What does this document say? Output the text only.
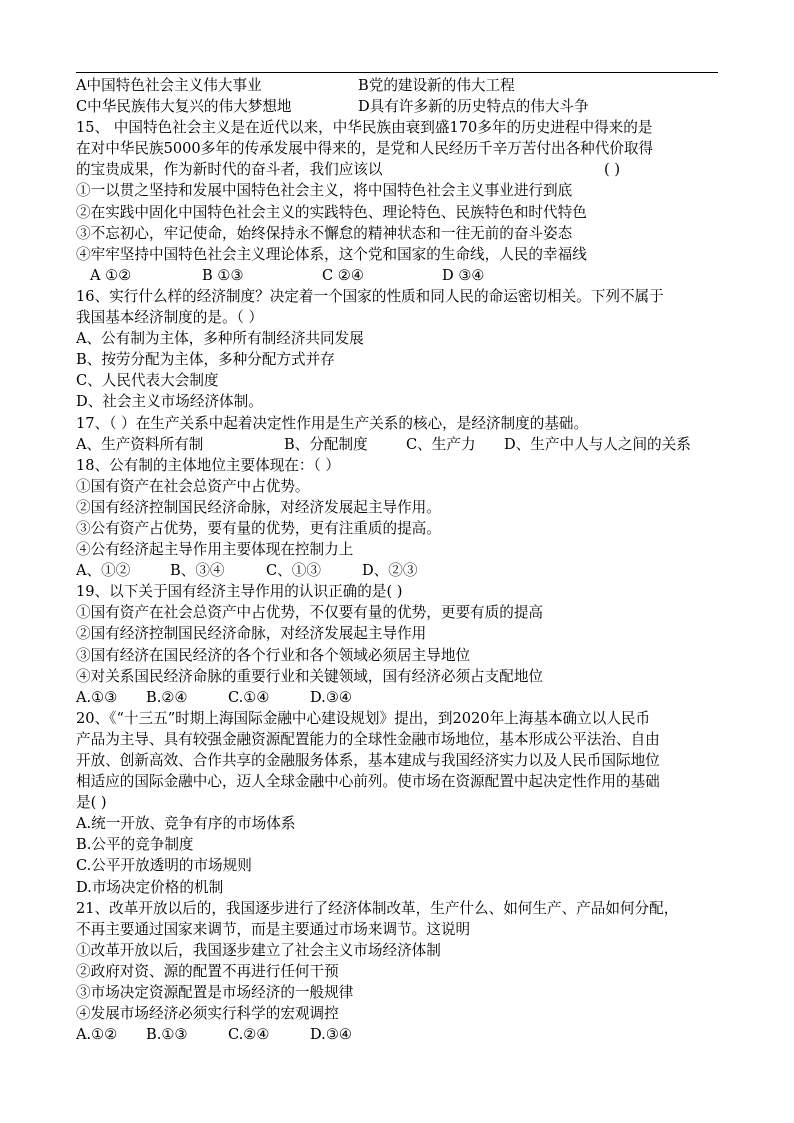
A中国特色社会主义伟大事业	B党的建设新的伟大工程
C中华民族伟大复兴的伟大梦想地	D具有许多新的历史特点的伟大斗争
15、 中国特色社会主义是在近代以来，中华民族由衰到盛170多年的历史进程中得来的是
在对中华民族5000多年的传承发展中得来的，是党和人民经历千辛万苦付出各种代价取得
的宝贵成果，作为新时代的奋斗者，我们应该以	( )
①一以贯之坚持和发展中国特色社会主义，将中国特色社会主义事业进行到底
②在实践中固化中国特色社会主义的实践特色、理论特色、民族特色和时代特色
③不忘初心，牢记使命，始终保持永不懈怠的精神状态和一往无前的奋斗姿态
④牢牢坚持中国特色社会主义理论体系，这个党和国家的生命线，人民的幸福线
A ①②	B ①③	C ②④	D ③④
16、实行什么样的经济制度？决定着一个国家的性质和同人民的命运密切相关。下列不属于
我国基本经济制度的是。（ ）
A、公有制为主体，多种所有制经济共同发展
B、按劳分配为主体，多种分配方式并存
C、人民代表大会制度
D、社会主义市场经济体制。
17、（ ）在生产关系中起着决定性作用是生产关系的核心，是经济制度的基础。
A、生产资料所有制	B、分配制度	C、生产力	D、生产中人与人之间的关系
18、公有制的主体地位主要体现在：（ ）
①国有资产在社会总资产中占优势。
②国有经济控制国民经济命脉，对经济发展起主导作用。
③公有资产占优势，要有量的优势，更有注重质的提高。
④公有经济起主导作用主要体现在控制力上
A、①②	B、③④	C、①③	D、②③
19、以下关于国有经济主导作用的认识正确的是( )
①国有资产在社会总资产中占优势，不仅要有量的优势，更要有质的提高
②国有经济控制国民经济命脉，对经济发展起主导作用
③国有经济在国民经济的各个行业和各个领域必须居主导地位
④对关系国民经济命脉的重要行业和关键领域，国有经济必须占支配地位
A.①③	B.②④	C.①④	D.③④
20、《“十三五”时期上海国际金融中心建设规划》提出，到2020年上海基本确立以人民币
产品为主导、具有较强金融资源配置能力的全球性金融市场地位，基本形成公平法治、自由
开放、创新高效、合作共享的金融服务体系，基本建成与我国经济实力以及人民币国际地位
相适应的国际金融中心，迈人全球金融中心前列。使市场在资源配置中起决定性作用的基础
是( )
A.统一开放、竞争有序的市场体系
B.公平的竞争制度
C.公平开放透明的市场规则
D.市场决定价格的机制
21、改革开放以后的，我国逐步进行了经济体制改革，生产什么、如何生产、产品如何分配，
不再主要通过国家来调节，而是主要通过市场来调节。这说明
①改革开放以后，我国逐步建立了社会主义市场经济体制
②政府对资、源的配置不再进行任何干预
③市场决定资源配置是市场经济的一般规律
④发展市场经济必须实行科学的宏观调控
A.①②	B.①③	C.②④	D.③④
